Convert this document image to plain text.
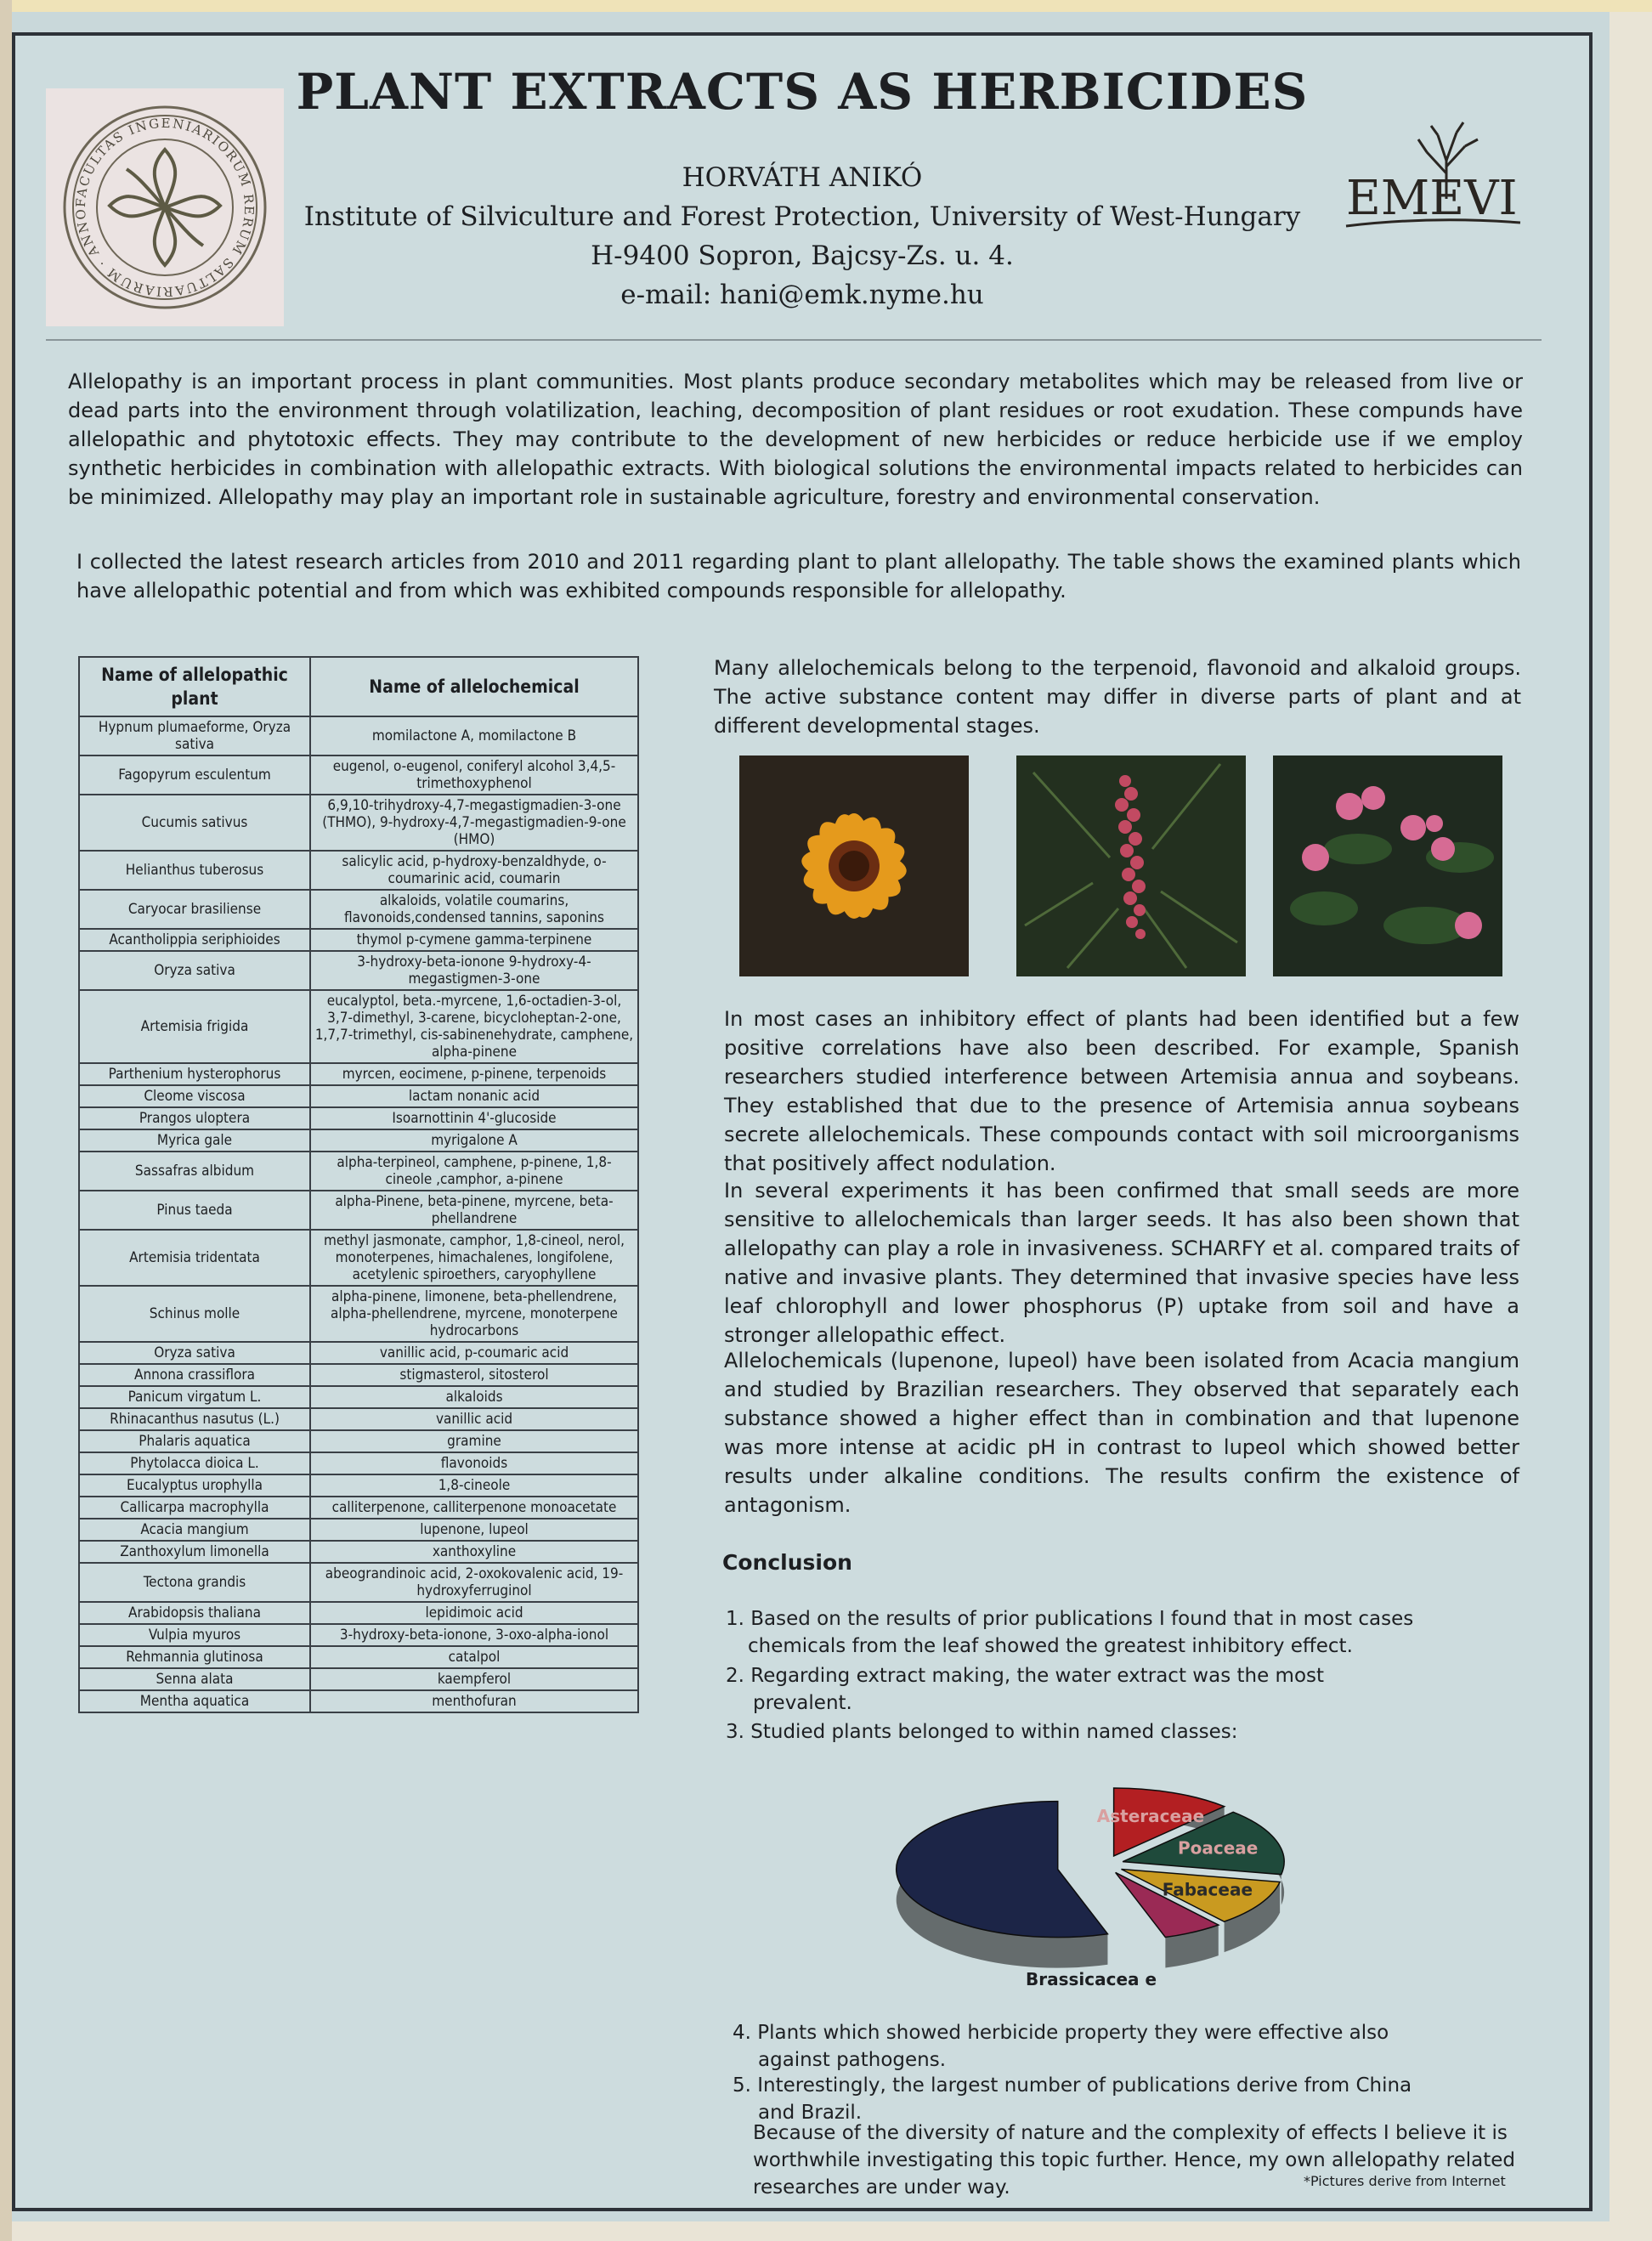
FACULTAS INGENIARIORUM RERUM SALTUARIARUM · ANNO
PLANT EXTRACTS AS HERBICIDES
HORVÁTH ANIKÓ
Institute of Silviculture and Forest Protection, University of West-Hungary
H-9400 Sopron, Bajcsy-Zs. u. 4.
e-mail: hani@emk.nyme.hu
EMEVI

Allelopathy is an important process in plant communities. Most plants produce secondary metabolites which may be released from live or dead parts into the environment through volatilization, leaching, decomposition of plant residues or root exudation. These compunds have allelopathic and phytotoxic effects. They may contribute to the development of new herbicides or reduce herbicide use if we employ synthetic herbicides in combination with allelopathic extracts. With biological solutions the environmental impacts related to herbicides can be minimized. Allelopathy may play an important role in sustainable agriculture, forestry and environmental conservation.

I collected the latest research articles from 2010 and 2011 regarding plant to plant allelopathy. The table shows the examined plants which have allelopathic potential and from which was exhibited compounds responsible for allelopathy.

Name of allelopathic plant	Name of allelochemical
Hypnum plumaeforme, Oryza sativa	momilactone A, momilactone B
Fagopyrum esculentum	eugenol, o-eugenol, coniferyl alcohol 3,4,5-trimethoxyphenol
Cucumis sativus	6,9,10-trihydroxy-4,7-megastigmadien-3-one (THMO), 9-hydroxy-4,7-megastigmadien-9-one (HMO)
Helianthus tuberosus	salicylic acid, p-hydroxy-benzaldhyde, o-coumarinic acid, coumarin
Caryocar brasiliense	alkaloids, volatile coumarins, flavonoids,condensed tannins, saponins
Acantholippia seriphioides	thymol p-cymene gamma-terpinene
Oryza sativa	3-hydroxy-beta-ionone 9-hydroxy-4-megastigmen-3-one
Artemisia frigida	eucalyptol, beta.-myrcene, 1,6-octadien-3-ol, 3,7-dimethyl, 3-carene, bicycloheptan-2-one, 1,7,7-trimethyl, cis-sabinenehydrate, camphene, alpha-pinene
Parthenium hysterophorus	myrcen, eocimene, p-pinene, terpenoids
Cleome viscosa	lactam nonanic acid
Prangos uloptera	Isoarnottinin 4'-glucoside
Myrica gale	myrigalone A
Sassafras albidum	alpha-terpineol, camphene, p-pinene, 1,8-cineole ,camphor, a-pinene
Pinus taeda	alpha-Pinene, beta-pinene, myrcene, beta-phellandrene
Artemisia tridentata	methyl jasmonate, camphor, 1,8-cineol, nerol, monoterpenes, himachalenes, longifolene, acetylenic spiroethers, caryophyllene
Schinus molle	alpha-pinene, limonene, beta-phellendrene, alpha-phellendrene, myrcene, monoterpene hydrocarbons
Oryza sativa	vanillic acid, p-coumaric acid
Annona crassiflora	stigmasterol, sitosterol
Panicum virgatum L.	alkaloids
Rhinacanthus nasutus (L.)	vanillic acid
Phalaris aquatica	gramine
Phytolacca dioica L.	flavonoids
Eucalyptus urophylla	1,8-cineole
Callicarpa macrophylla	calliterpenone, calliterpenone monoacetate
Acacia mangium	lupenone, lupeol
Zanthoxylum limonella	xanthoxyline
Tectona grandis	abeograndinoic acid, 2-oxokovalenic acid, 19-hydroxyferruginol
Arabidopsis thaliana	lepidimoic acid
Vulpia myuros	3-hydroxy-beta-ionone, 3-oxo-alpha-ionol
Rehmannia glutinosa	catalpol
Senna alata	kaempferol
Mentha aquatica	menthofuran

Many allelochemicals belong to the terpenoid, flavonoid and alkaloid groups. The active substance content may differ in diverse parts of plant and at different developmental stages.

In most cases an inhibitory effect of plants had been identified but a few positive correlations have also been described. For example, Spanish researchers studied interference between Artemisia annua and soybeans. They established that due to the presence of Artemisia annua soybeans secrete allelochemicals. These compounds contact with soil microorganisms that positively affect nodulation.

In several experiments it has been confirmed that small seeds are more sensitive to allelochemicals than larger seeds. It has also been shown that allelopathy can play a role in invasiveness. SCHARFY et al. compared traits of native and invasive plants. They determined that invasive species have less leaf chlorophyll and lower phosphorus (P) uptake from soil and have a stronger allelopathic effect.

Allelochemicals (lupenone, lupeol) have been isolated from Acacia mangium and studied by Brazilian researchers. They observed that separately each substance showed a higher effect than in combination and that lupenone was more intense at acidic pH in contrast to lupeol which showed better results under alkaline conditions. The results confirm the existence of antagonism.

Conclusion
1. Based on the results of prior publications I found that in most cases
chemicals from the leaf showed the greatest inhibitory effect.
2. Regarding extract making, the water extract was the most
prevalent.
3. Studied plants belonged to within named classes:
Asteraceae
Poaceae
Fabaceae
Brassicacea e
4. Plants which showed herbicide property they were effective also
against pathogens.
5. Interestingly, the largest number of publications derive from China
and Brazil.
Because of the diversity of nature and the complexity of effects I believe it is worthwhile investigating this topic further. Hence, my own allelopathy related researches are under way.	*Pictures derive from Internet
